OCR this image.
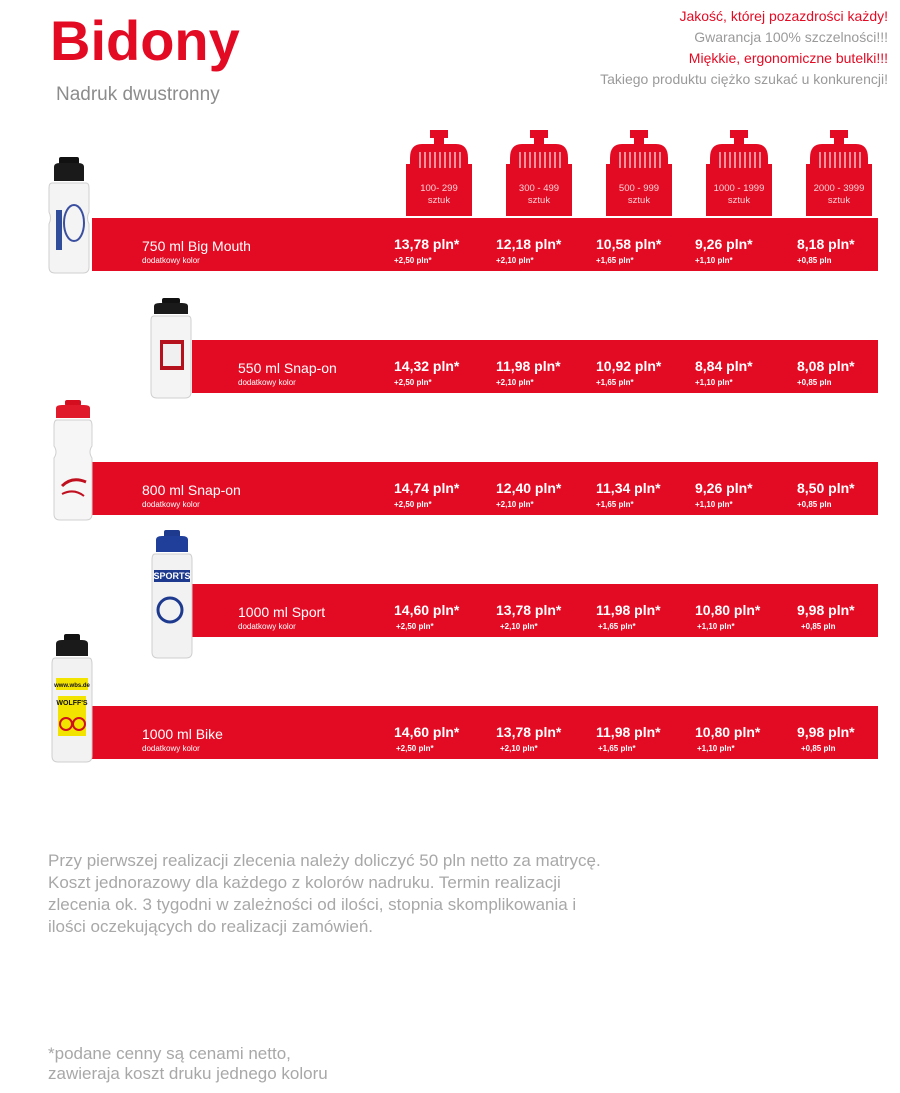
Bidony
Nadruk dwustronny
Jakość, której pozazdrości każdy!
Gwarancja 100% szczelności!!!
Miękkie, ergonomiczne butelki!!!
Takiego produktu ciężko szukać u konkurencji!
100- 299
sztuk
300 - 499
sztuk
500 - 999
sztuk
1000 - 1999
sztuk
2000 - 3999
sztuk
750 ml Big Mouth
dodatkowy kolor
13,78 pln*
+2,50 pln*
12,18 pln*
+2,10 pln*
10,58 pln*
+1,65 pln*
9,26 pln*
+1,10 pln*
8,18 pln*
+0,85 pln
550 ml Snap-on
dodatkowy kolor
14,32 pln*
+2,50 pln*
11,98 pln*
+2,10 pln*
10,92 pln*
+1,65 pln*
8,84 pln*
+1,10 pln*
8,08 pln*
+0,85 pln
800 ml Snap-on
dodatkowy kolor
14,74 pln*
+2,50 pln*
12,40 pln*
+2,10 pln*
11,34 pln*
+1,65 pln*
9,26 pln*
+1,10 pln*
8,50 pln*
+0,85 pln
SPORTS
1000 ml Sport
dodatkowy kolor
14,60 pln*
+2,50 pln*
13,78 pln*
+2,10 pln*
11,98 pln*
+1,65 pln*
10,80 pln*
+1,10 pln*
9,98 pln*
+0,85 pln
www.wbs.de
WOLFF'S
1000 ml Bike
dodatkowy kolor
14,60 pln*
+2,50 pln*
13,78 pln*
+2,10 pln*
11,98 pln*
+1,65 pln*
10,80 pln*
+1,10 pln*
9,98 pln*
+0,85 pln
Przy pierwszej realizacji zlecenia należy doliczyć 50 pln netto za matrycę. Koszt jednorazowy dla każdego z kolorów nadruku. Termin realizacji zlecenia ok. 3 tygodni w zależności od ilości, stopnia skomplikowania i ilości oczekujących do realizacji zamówień.
*podane cenny są cenami netto,
zawieraja koszt druku jednego koloru
